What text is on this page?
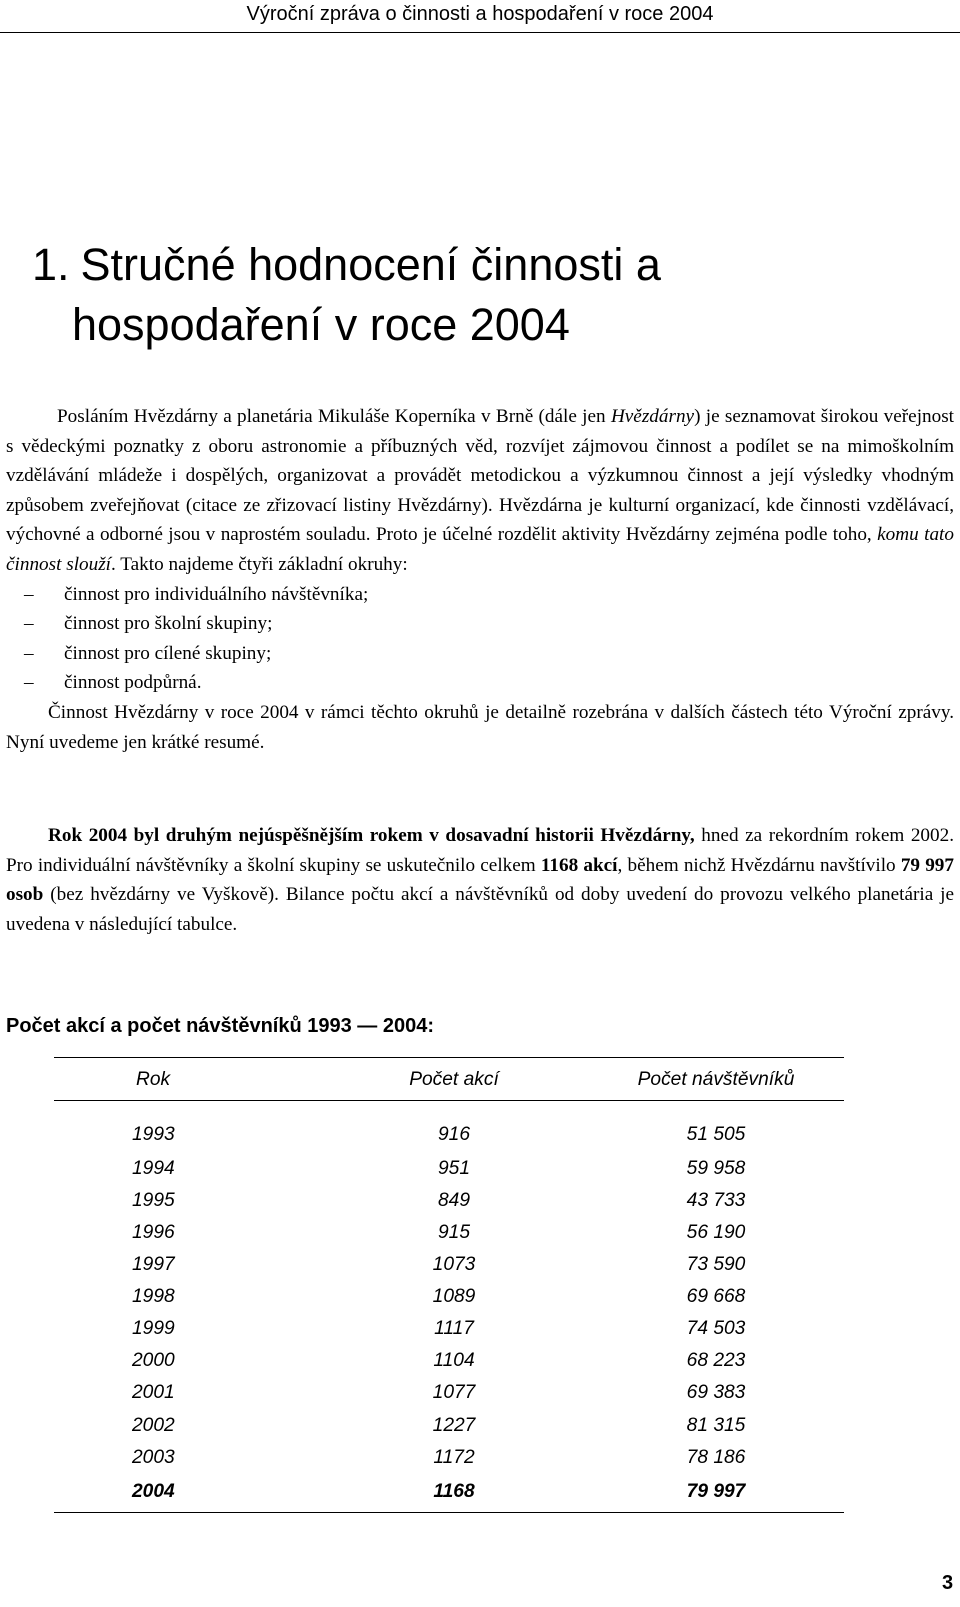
Výroční zpráva o činnosti a hospodaření v roce 2004
1. Stručné hodnocení činnosti a
hospodaření v roce 2004
Posláním Hvězdárny a planetária Mikuláše Koperníka v Brně (dále jen Hvězdárny) je seznamovat širokou veřejnost s vědeckými poznatky z oboru astronomie a příbuzných věd, rozvíjet zájmovou činnost a podílet se na mimoškolním vzdělávání mládeže i dospělých, organizovat a provádět metodickou a výzkumnou činnost a její výsledky vhodným způsobem zveřejňovat (citace ze zřizovací listiny Hvězdárny). Hvězdárna je kulturní organizací, kde činnosti vzdělávací, výchovné a odborné jsou v naprostém souladu. Proto je účelné rozdělit aktivity Hvězdárny zejména podle toho, komu tato činnost slouží. Takto najdeme čtyři základní okruhy:
– činnost pro individuálního návštěvníka;
– činnost pro školní skupiny;
– činnost pro cílené skupiny;
– činnost podpůrná.
Činnost Hvězdárny v roce 2004 v rámci těchto okruhů je detailně rozebrána v dalších částech této Výroční zprávy. Nyní uvedeme jen krátké resumé.
Rok 2004 byl druhým nejúspěšnějším rokem v dosavadní historii Hvězdárny, hned za rekordním rokem 2002. Pro individuální návštěvníky a školní skupiny se uskutečnilo celkem 1168 akcí, během nichž Hvězdárnu navštívilo 79 997 osob (bez hvězdárny ve Vyškově). Bilance počtu akcí a návštěvníků od doby uvedení do provozu velkého planetária je uvedena v následující tabulce.
Počet akcí a počet návštěvníků 1993 — 2004:
Rok	Počet akcí	Počet návštěvníků
1993	916	51 505
1994	951	59 958
1995	849	43 733
1996	915	56 190
1997	1073	73 590
1998	1089	69 668
1999	1117	74 503
2000	1104	68 223
2001	1077	69 383
2002	1227	81 315
2003	1172	78 186
2004	1168	79 997
3
